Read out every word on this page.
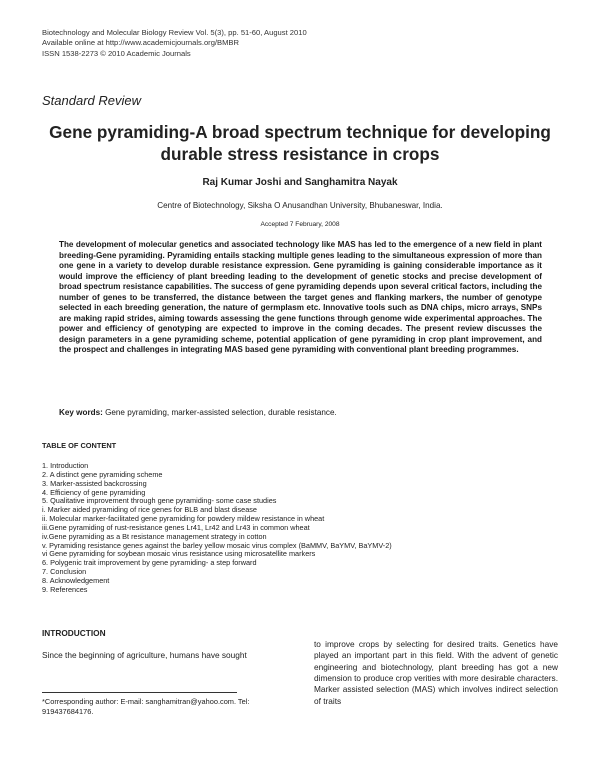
Biotechnology and Molecular Biology Review Vol. 5(3), pp. 51-60, August 2010
Available online at http://www.academicjournals.org/BMBR
ISSN 1538-2273 © 2010 Academic Journals
Standard Review
Gene pyramiding-A broad spectrum technique for developing durable stress resistance in crops
Raj Kumar Joshi and Sanghamitra Nayak
Centre of Biotechnology, Siksha O Anusandhan University, Bhubaneswar, India.
Accepted 7 February, 2008
The development of molecular genetics and associated technology like MAS has led to the emergence of a new field in plant breeding-Gene pyramiding. Pyramiding entails stacking multiple genes leading to the simultaneous expression of more than one gene in a variety to develop durable resistance expression. Gene pyramiding is gaining considerable importance as it would improve the efficiency of plant breeding leading to the development of genetic stocks and precise development of broad spectrum resistance capabilities. The success of gene pyramiding depends upon several critical factors, including the number of genes to be transferred, the distance between the target genes and flanking markers, the number of genotype selected in each breeding generation, the nature of germplasm etc. Innovative tools such as DNA chips, micro arrays, SNPs are making rapid strides, aiming towards assessing the gene functions through genome wide experimental approaches. The power and efficiency of genotyping are expected to improve in the coming decades. The present review discusses the design parameters in a gene pyramiding scheme, potential application of gene pyramiding in crop plant improvement, and the prospect and challenges in integrating MAS based gene pyramiding with conventional plant breeding programmes.
Key words: Gene pyramiding, marker-assisted selection, durable resistance.
TABLE OF CONTENT
1. Introduction
2. A distinct gene pyramiding scheme
3. Marker-assisted backcrossing
4. Efficiency of gene pyramiding
5. Qualitative improvement through gene pyramiding- some case studies
i. Marker aided pyramiding of rice genes for BLB and blast disease
ii. Molecular marker-facilitated gene pyramiding for powdery mildew resistance in wheat
iii.Gene pyramiding of rust-resistance genes Lr41, Lr42 and Lr43 in common wheat
iv.Gene pyramiding as a Bt resistance management strategy in cotton
v. Pyramiding resistance genes against the barley yellow mosaic virus complex (BaMMV, BaYMV, BaYMV-2)
vi Gene pyramiding for soybean mosaic virus resistance using microsatellite markers
6. Polygenic trait improvement by gene pyramiding- a step forward
7. Conclusion
8. Acknowledgement
9. References
INTRODUCTION
Since the beginning of agriculture, humans have sought
*Corresponding author: E-mail: sanghamitran@yahoo.com. Tel: 919437684176.
to improve crops by selecting for desired traits. Genetics have played an important part in this field. With the advent of genetic engineering and biotechnology, plant breeding has got a new dimension to produce crop verities with more desirable characters. Marker assisted selection (MAS) which involves indirect selection of traits
